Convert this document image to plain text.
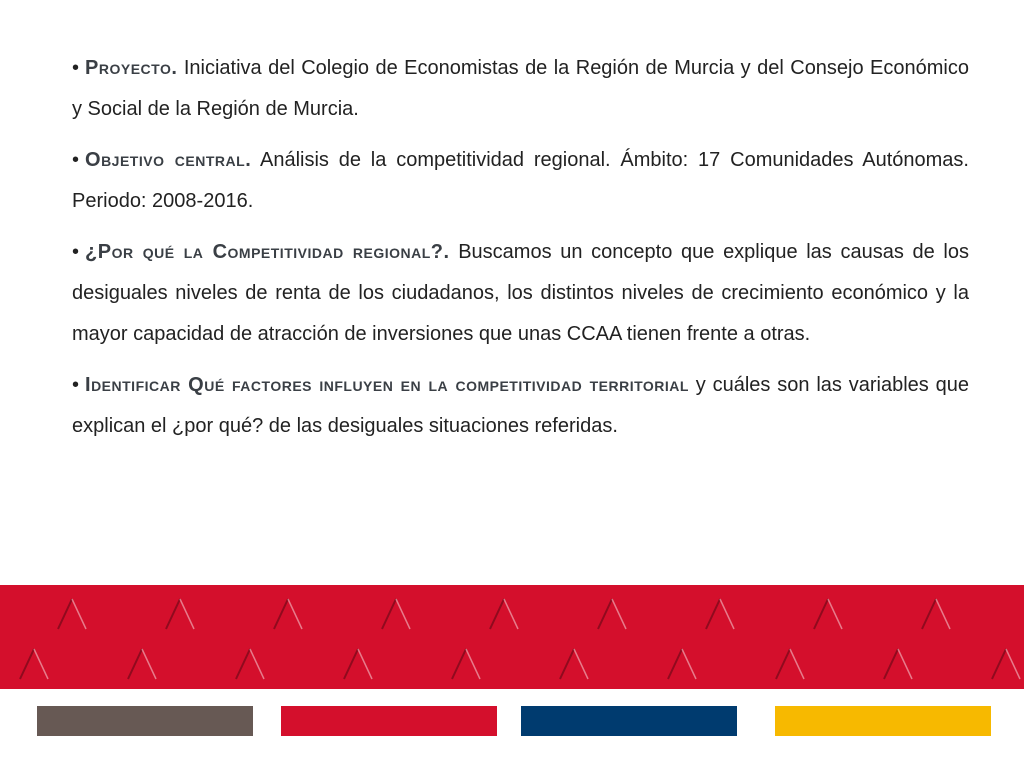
• Proyecto. Iniciativa del Colegio de Economistas de la Región de Murcia y del Consejo Económico y Social de la Región de Murcia.

• Objetivo central. Análisis de la competitividad regional. Ámbito: 17 Comunidades Autónomas. Periodo: 2008-2016.

• ¿Por qué la Competitividad regional?. Buscamos un concepto que explique las causas de los desiguales niveles de renta de los ciudadanos, los distintos niveles de crecimiento económico y la mayor capacidad de atracción de inversiones que unas CCAA tienen frente a otras.

• Identificar Qué factores influyen en la competitividad territorial y cuáles son las variables que explican el ¿por qué? de las desiguales situaciones referidas.
